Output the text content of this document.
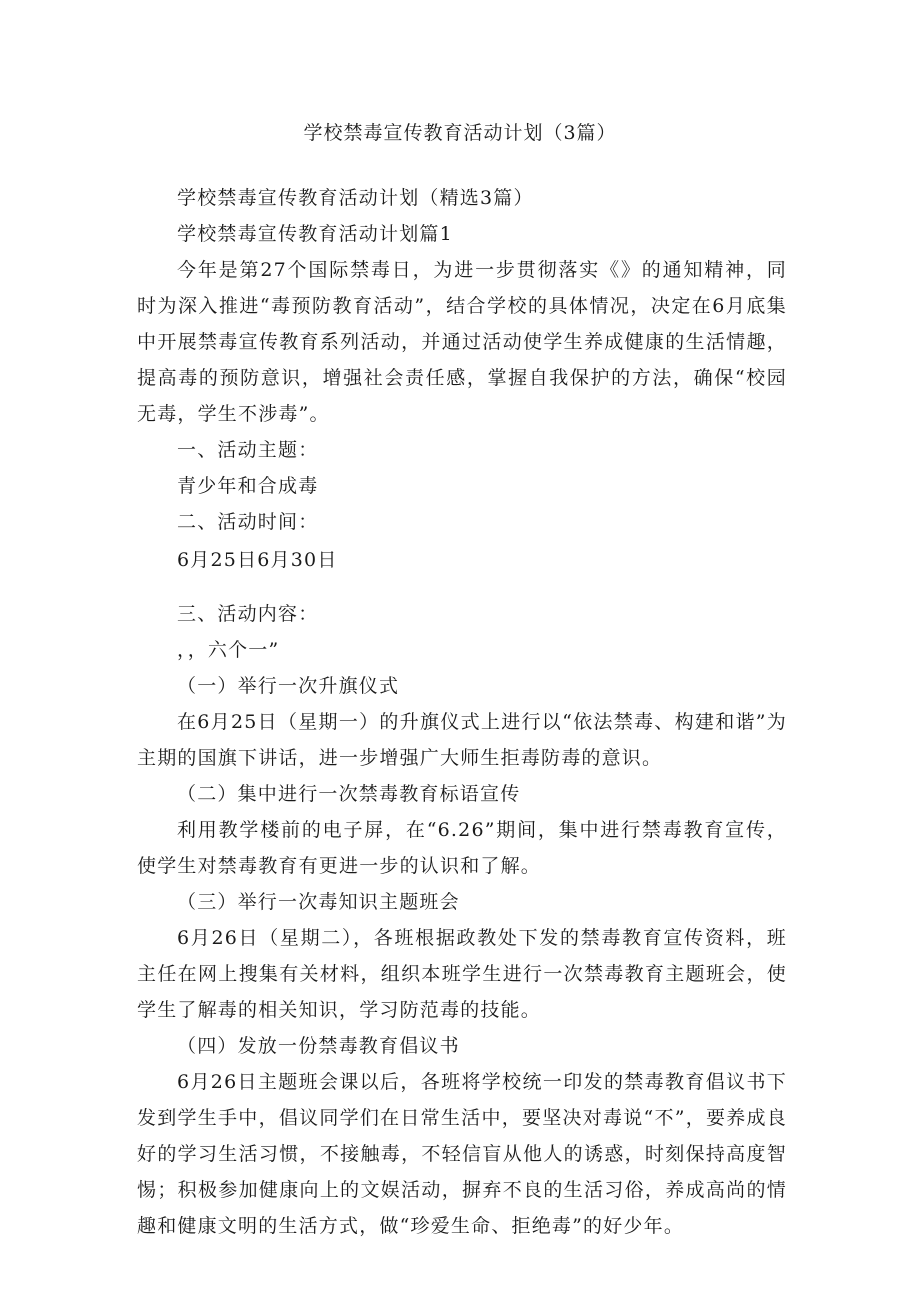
学校禁毒宣传教育活动计划（3篇）

学校禁毒宣传教育活动计划（精选3篇）

学校禁毒宣传教育活动计划篇1

今年是第27个国际禁毒日，为进一步贯彻落实《》的通知精神，同时为深入推进“毒预防教育活动”，结合学校的具体情况，决定在6月底集中开展禁毒宣传教育系列活动，并通过活动使学生养成健康的生活情趣，提高毒的预防意识，增强社会责任感，掌握自我保护的方法，确保“校园无毒，学生不涉毒”。

一、活动主题：

青少年和合成毒

二、活动时间：

6月25日6月30日

三、活动内容：

，，六个一”

（一）举行一次升旗仪式

在6月25日（星期一）的升旗仪式上进行以“依法禁毒、构建和谐”为主期的国旗下讲话，进一步增强广大师生拒毒防毒的意识。

（二）集中进行一次禁毒教育标语宣传

利用教学楼前的电子屏，在“6.26”期间，集中进行禁毒教育宣传，使学生对禁毒教育有更进一步的认识和了解。

（三）举行一次毒知识主题班会

6月26日（星期二），各班根据政教处下发的禁毒教育宣传资料，班主任在网上搜集有关材料，组织本班学生进行一次禁毒教育主题班会，使学生了解毒的相关知识，学习防范毒的技能。

（四）发放一份禁毒教育倡议书

6月26日主题班会课以后，各班将学校统一印发的禁毒教育倡议书下发到学生手中，倡议同学们在日常生活中，要坚决对毒说“不”，要养成良好的学习生活习惯，不接触毒，不轻信盲从他人的诱惑，时刻保持高度智惕；积极参加健康向上的文娱活动，摒弃不良的生活习俗，养成高尚的情趣和健康文明的生活方式，做“珍爱生命、拒绝毒”的好少年。
